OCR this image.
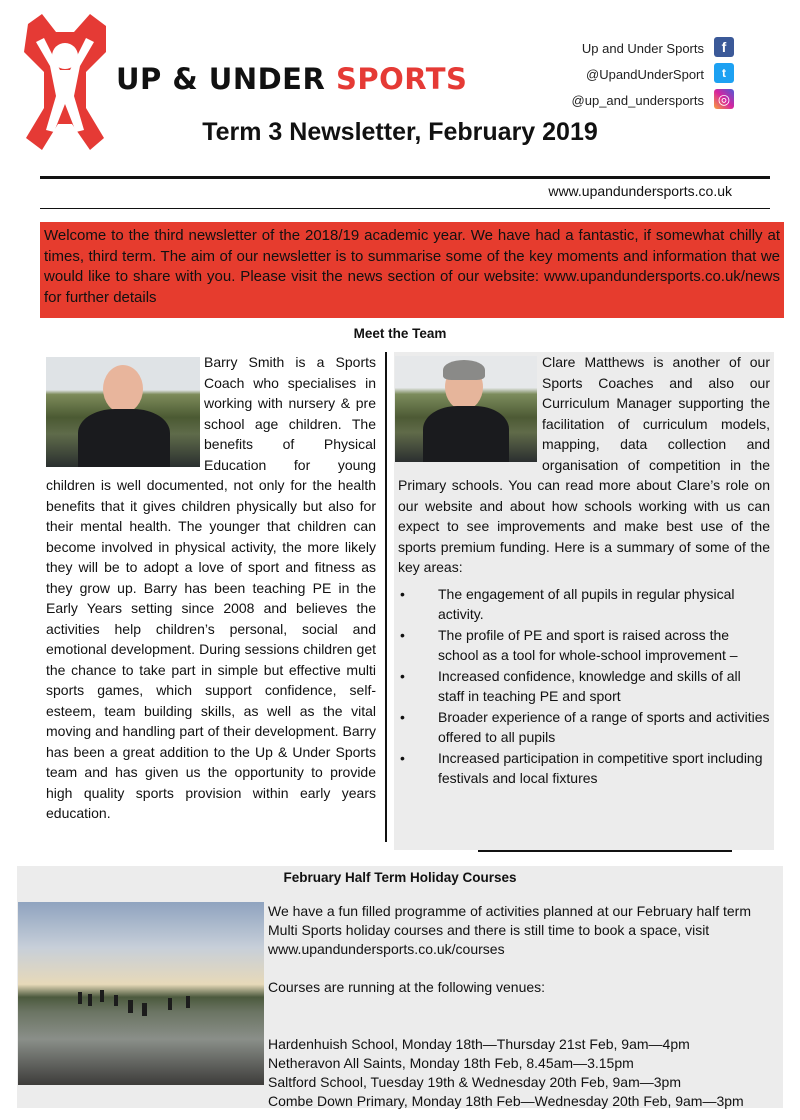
UP & UNDER SPORTS
Up and Under Sports
@UpandUnderSport
@up_and_undersports
f
t
◎
Term 3 Newsletter, February 2019
www.upandundersports.co.uk
Welcome to the third newsletter of the 2018/19 academic year. We have had a fantastic, if somewhat chilly at times, third term. The aim of our newsletter is to summarise some of the key moments and information that we would like to share with you. Please visit the news section of our website: www.upandundersports.co.uk/news for further details
Meet the Team
Barry Smith is a Sports Coach who specialises in working with nursery & pre school age children. The benefits of Physical Education for young children is well documented, not only for the health benefits that it gives children physically but also for their mental health. The younger that children can become involved in physical activity, the more likely they will be to adopt a love of sport and fitness as they grow up. Barry has been teaching PE in the Early Years setting since 2008 and believes the activities help children’s personal, social and emotional development. During sessions children get the chance to take part in simple but effective multi sports games, which support confidence, self-esteem, team building skills, as well as the vital moving and handling part of their development. Barry has been a great addition to the Up & Under Sports team and has given us the opportunity to provide high quality sports provision within early years education.
Clare Matthews is another of our Sports Coaches and also our Curriculum Manager supporting the facilitation of curriculum models, mapping, data collection and organisation of competition in the Primary schools. You can read more about Clare’s role on our website and about how schools working with us can expect to see improvements and make best use of the sports premium funding. Here is a summary of some of the key areas:
• The engagement of all pupils in regular physical activity.
• The profile of PE and sport is raised across the school as a tool for whole-school improvement –
• Increased confidence, knowledge and skills of all staff in teaching PE and sport
• Broader experience of a range of sports and activities offered to all pupils
• Increased participation in competitive sport including festivals and local fixtures
February Half Term Holiday Courses

We have a fun filled programme of activities planned at our February half term Multi Sports holiday courses and there is still time to book a space, visit www.upandundersports.co.uk/courses

Courses are running at the following venues:

Hardenhuish School, Monday 18th—Thursday 21st Feb, 9am—4pm
Netheravon All Saints, Monday 18th Feb, 8.45am—3.15pm
Saltford School, Tuesday 19th & Wednesday 20th Feb, 9am—3pm
Combe Down Primary, Monday 18th Feb—Wednesday 20th Feb, 9am—3pm
